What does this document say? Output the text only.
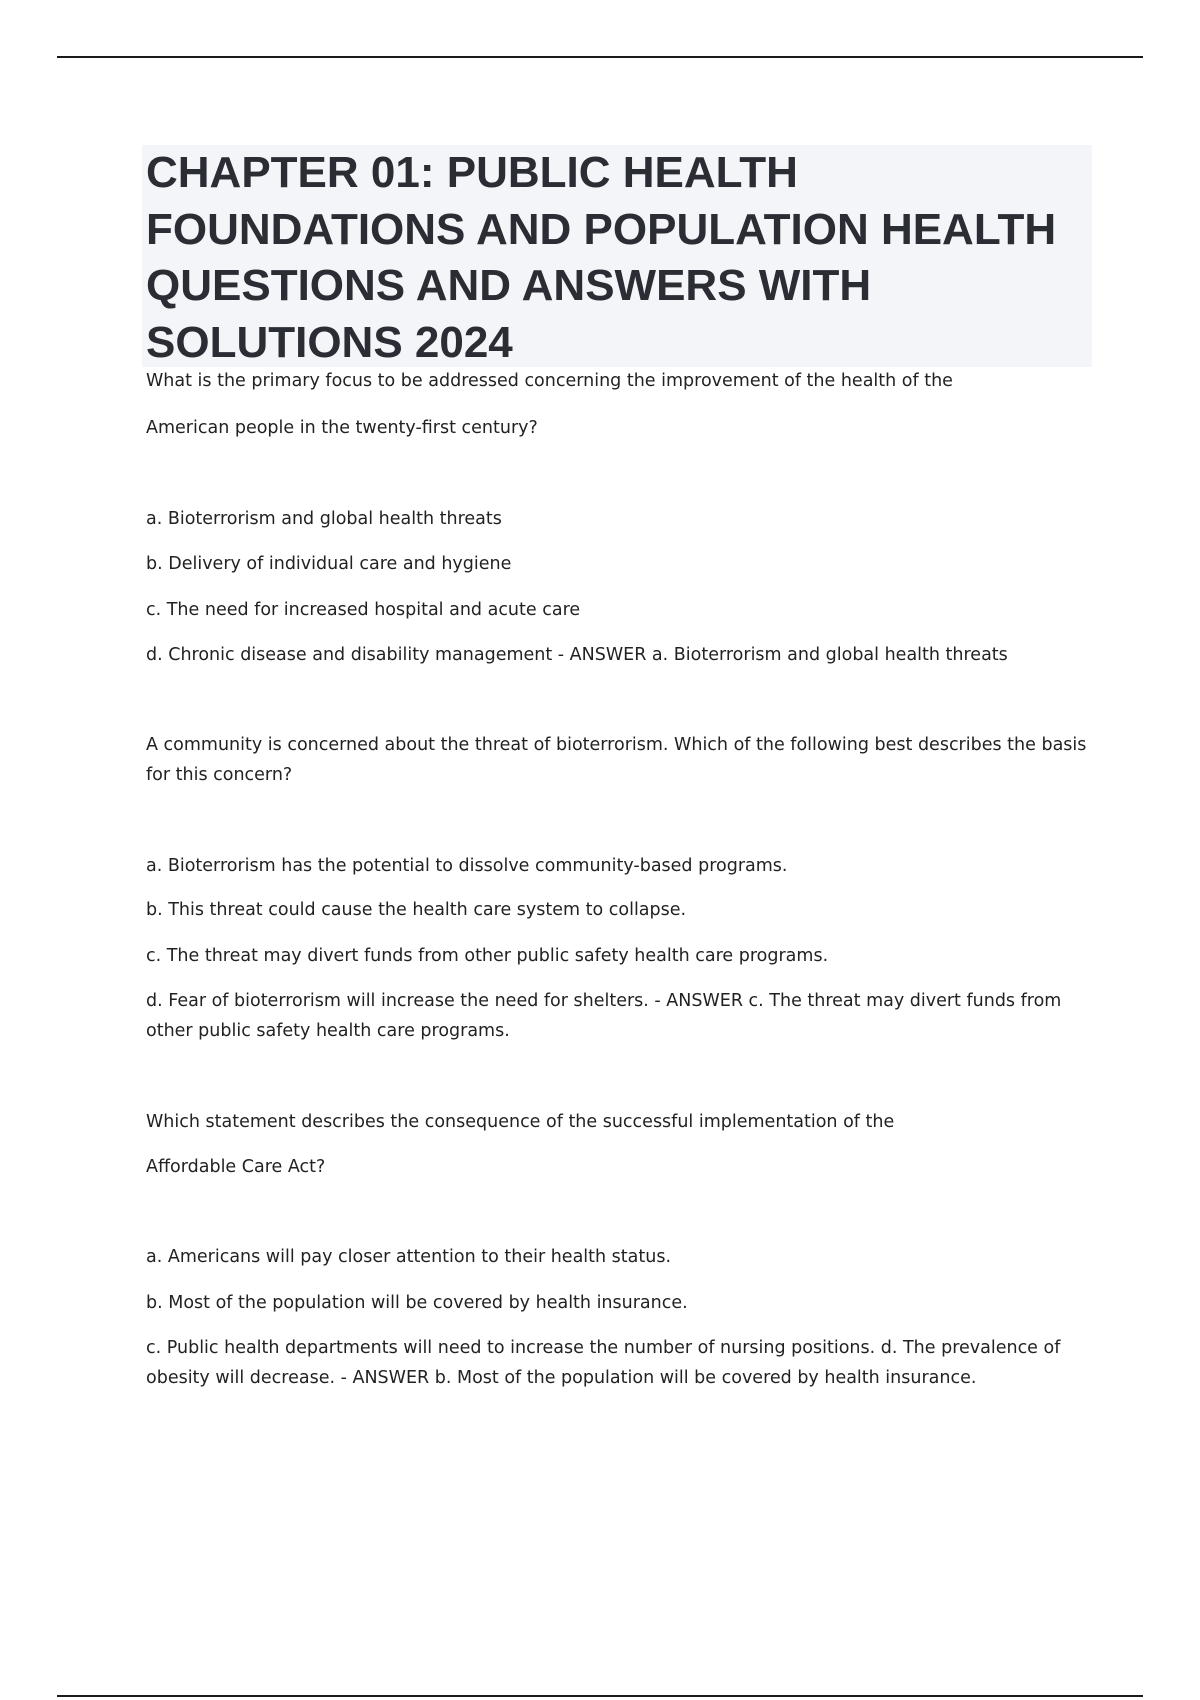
CHAPTER 01: PUBLIC HEALTH FOUNDATIONS AND POPULATION HEALTH QUESTIONS AND ANSWERS WITH SOLUTIONS 2024

What is the primary focus to be addressed concerning the improvement of the health of the

American people in the twenty-first century?

a. Bioterrorism and global health threats

b. Delivery of individual care and hygiene

c. The need for increased hospital and acute care

d. Chronic disease and disability management - ANSWER a. Bioterrorism and global health threats

A community is concerned about the threat of bioterrorism. Which of the following best describes the basis for this concern?

a. Bioterrorism has the potential to dissolve community-based programs.

b. This threat could cause the health care system to collapse.

c. The threat may divert funds from other public safety health care programs.

d. Fear of bioterrorism will increase the need for shelters. - ANSWER c. The threat may divert funds from other public safety health care programs.

Which statement describes the consequence of the successful implementation of the

Affordable Care Act?

a. Americans will pay closer attention to their health status.

b. Most of the population will be covered by health insurance.

c. Public health departments will need to increase the number of nursing positions. d. The prevalence of obesity will decrease. - ANSWER b. Most of the population will be covered by health insurance.
